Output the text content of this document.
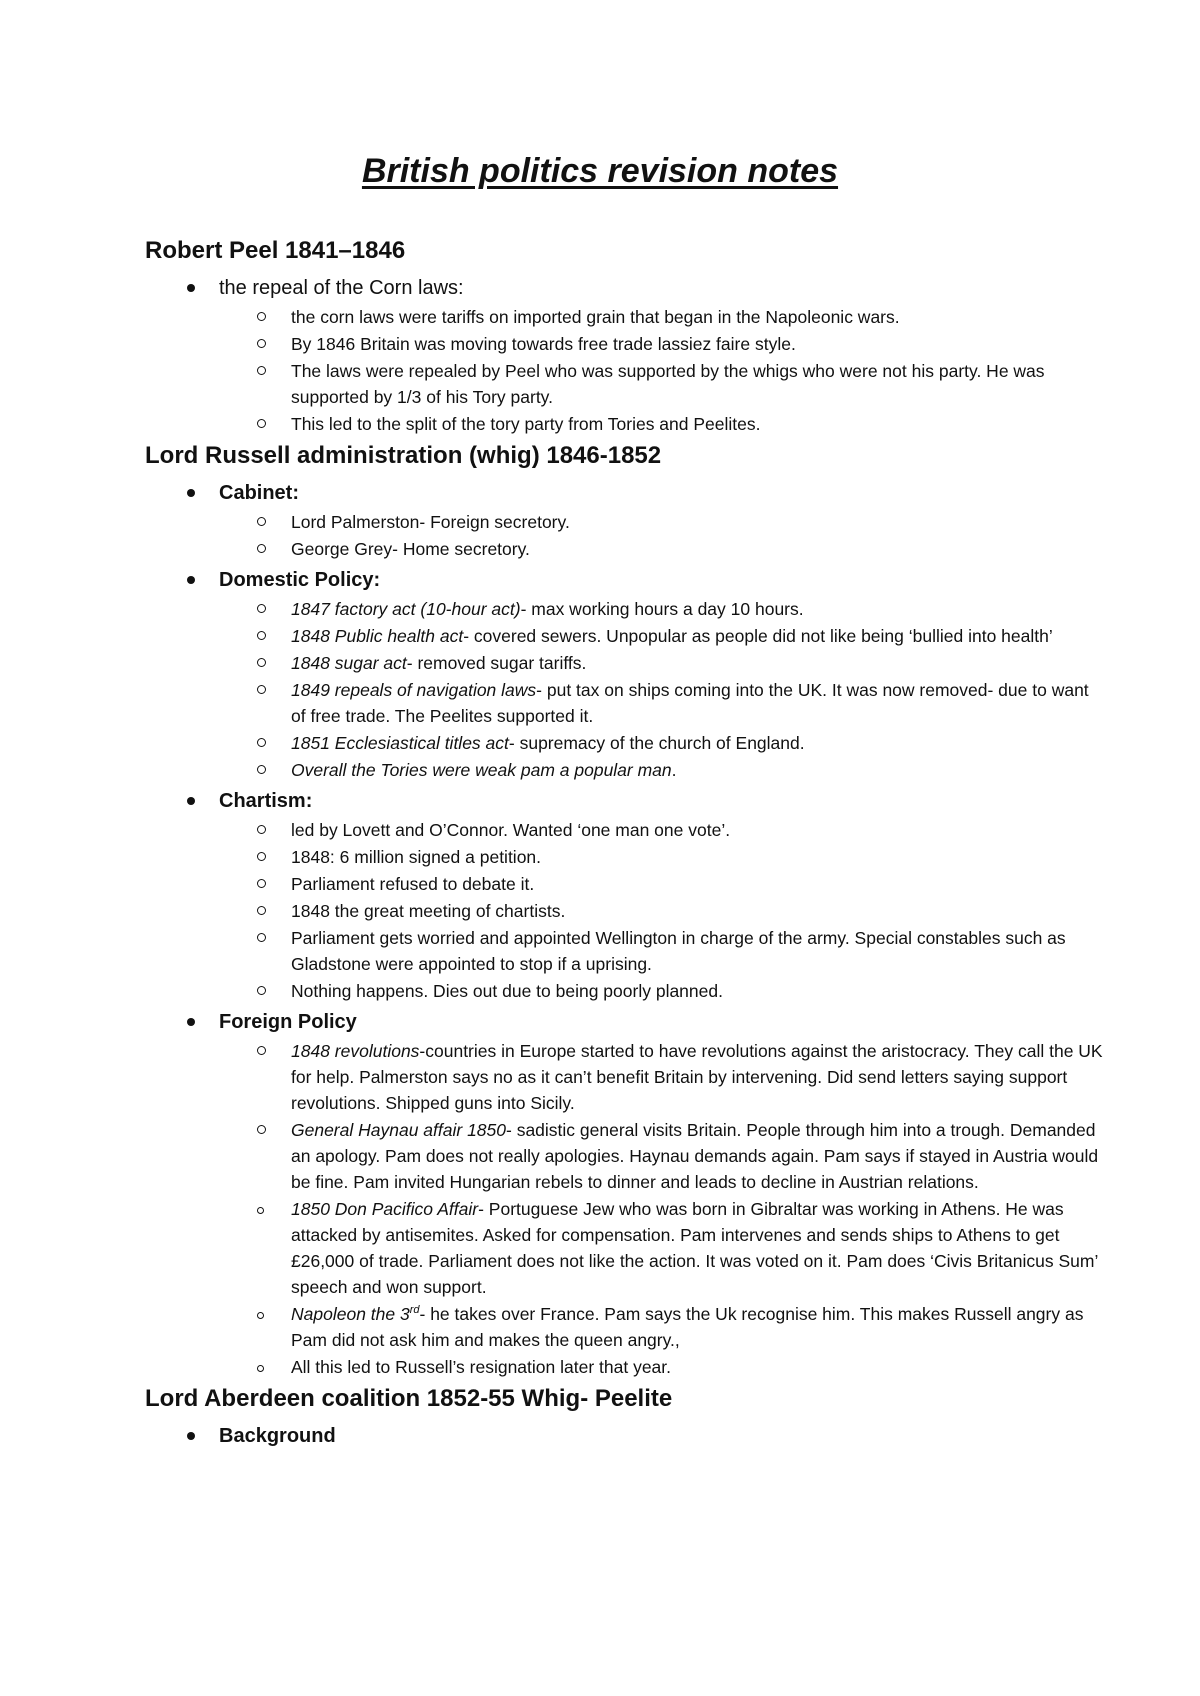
British politics revision notes
Robert Peel 1841–1846
the repeal of the Corn laws:
the corn laws were tariffs on imported grain that began in the Napoleonic wars.
By 1846 Britain was moving towards free trade lassiez faire style.
The laws were repealed by Peel who was supported by the whigs who were not his party. He was supported by 1/3 of his Tory party.
This led to the split of the tory party from Tories and Peelites.
Lord Russell administration (whig) 1846-1852
Cabinet:
Lord Palmerston- Foreign secretory.
George Grey- Home secretory.
Domestic Policy:
1847 factory act (10-hour act)- max working hours a day 10 hours.
1848 Public health act- covered sewers. Unpopular as people did not like being ‘bullied into health’
1848 sugar act- removed sugar tariffs.
1849 repeals of navigation laws- put tax on ships coming into the UK. It was now removed- due to want of free trade. The Peelites supported it.
1851 Ecclesiastical titles act- supremacy of the church of England.
Overall the Tories were weak pam a popular man.
Chartism:
led by Lovett and O’Connor. Wanted ‘one man one vote’.
1848: 6 million signed a petition.
Parliament refused to debate it.
1848 the great meeting of chartists.
Parliament gets worried and appointed Wellington in charge of the army. Special constables such as Gladstone were appointed to stop if a uprising.
Nothing happens. Dies out due to being poorly planned.
Foreign Policy
1848 revolutions-countries in Europe started to have revolutions against the aristocracy. They call the UK for help. Palmerston says no as it can’t benefit Britain by intervening. Did send letters saying support revolutions. Shipped guns into Sicily.
General Haynau affair 1850- sadistic general visits Britain. People through him into a trough. Demanded an apology. Pam does not really apologies. Haynau demands again. Pam says if stayed in Austria would be fine. Pam invited Hungarian rebels to dinner and leads to decline in Austrian relations.
1850 Don Pacifico Affair- Portuguese Jew who was born in Gibraltar was working in Athens. He was attacked by antisemites. Asked for compensation. Pam intervenes and sends ships to Athens to get £26,000 of trade. Parliament does not like the action. It was voted on it. Pam does ‘Civis Britanicus Sum’ speech and won support.
Napoleon the 3rd- he takes over France. Pam says the Uk recognise him. This makes Russell angry as Pam did not ask him and makes the queen angry.,
All this led to Russell’s resignation later that year.
Lord Aberdeen coalition 1852-55 Whig- Peelite
Background
